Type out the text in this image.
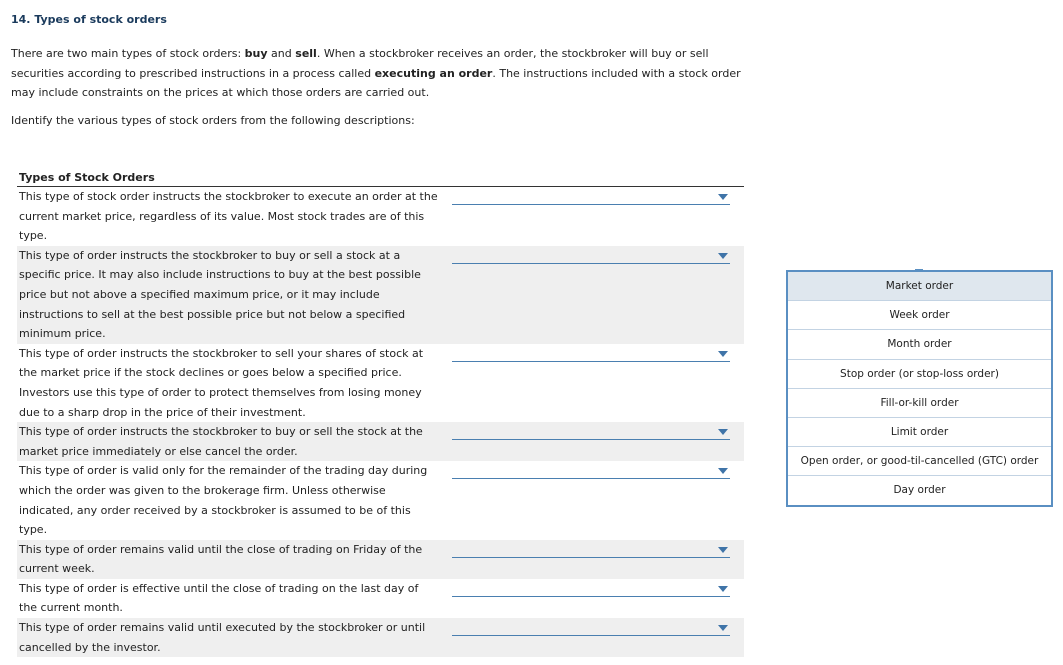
14. Types of stock orders

There are two main types of stock orders: buy and sell. When a stockbroker receives an order, the stockbroker will buy or sell securities according to prescribed instructions in a process called executing an order. The instructions included with a stock order may include constraints on the prices at which those orders are carried out.

Identify the various types of stock orders from the following descriptions:

Types of Stock Orders
This type of stock order instructs the stockbroker to execute an order at the current market price, regardless of its value. Most stock trades are of this type.
This type of order instructs the stockbroker to buy or sell a stock at a specific price. It may also include instructions to buy at the best possible price but not above a specified maximum price, or it may include instructions to sell at the best possible price but not below a specified minimum price.
This type of order instructs the stockbroker to sell your shares of stock at the market price if the stock declines or goes below a specified price. Investors use this type of order to protect themselves from losing money due to a sharp drop in the price of their investment.
This type of order instructs the stockbroker to buy or sell the stock at the market price immediately or else cancel the order.
This type of order is valid only for the remainder of the trading day during which the order was given to the brokerage firm. Unless otherwise indicated, any order received by a stockbroker is assumed to be of this type.
This type of order remains valid until the close of trading on Friday of the current week.
This type of order is effective until the close of trading on the last day of the current month.
This type of order remains valid until executed by the stockbroker or until cancelled by the investor.
Market order
Week order
Month order
Stop order (or stop-loss order)
Fill-or-kill order
Limit order
Open order, or good-til-cancelled (GTC) order
Day order
